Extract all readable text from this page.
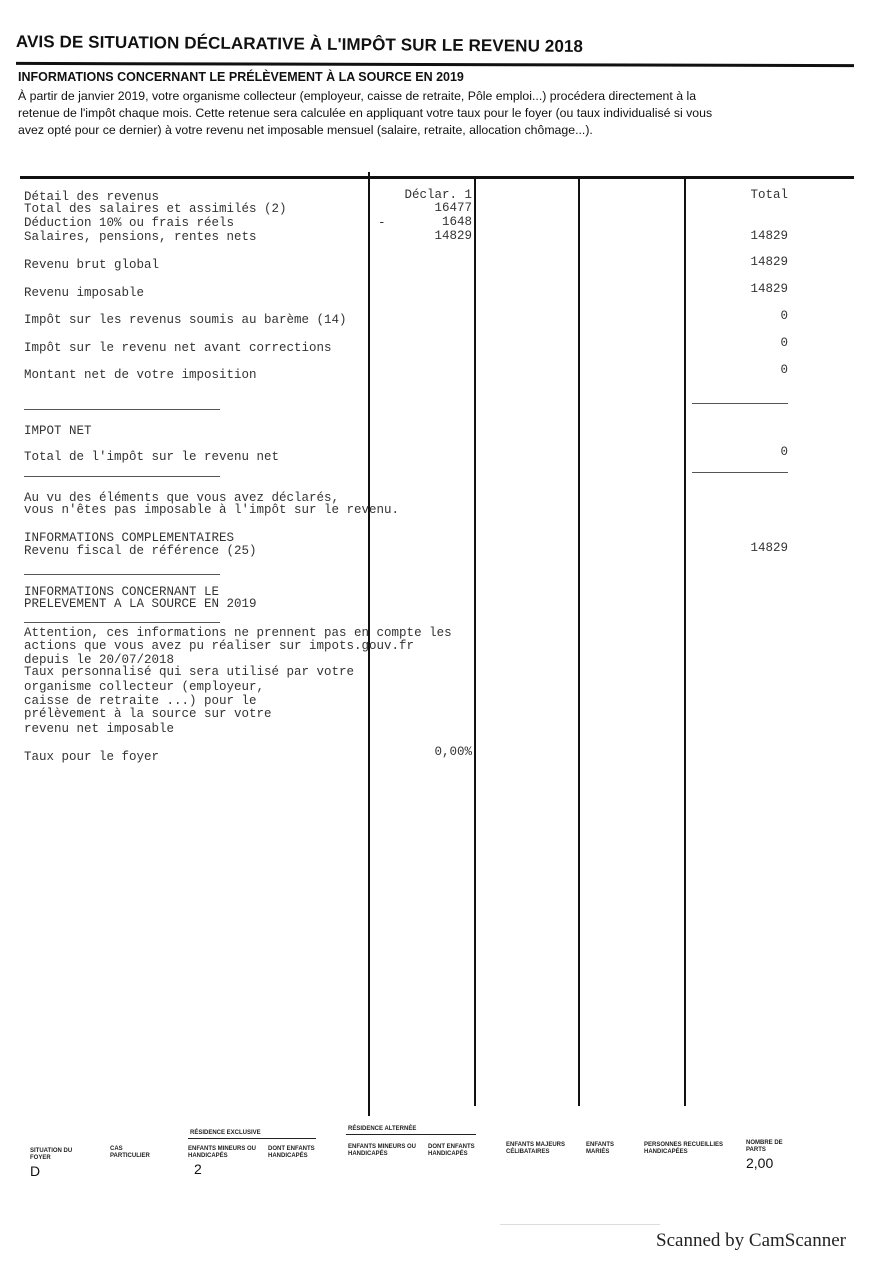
AVIS DE SITUATION DÉCLARATIVE À L'IMPÔT SUR LE REVENU 2018
INFORMATIONS CONCERNANT LE PRÉLÈVEMENT À LA SOURCE EN 2019
À partir de janvier 2019, votre organisme collecteur (employeur, caisse de retraite, Pôle emploi...) procédera directement à la
retenue de l'impôt chaque mois. Cette retenue sera calculée en appliquant votre taux pour le foyer (ou taux individualisé si vous
avez opté pour ce dernier) à votre revenu net imposable mensuel (salaire, retraite, allocation chômage...).
Déclar. 1	Total
Détail des revenus
Total des salaires et assimilés (2)	16477
Déduction 10% ou frais réels	-	1648
Salaires, pensions, rentes nets	14829	14829
Revenu brut global	14829
Revenu imposable	14829
Impôt sur les revenus soumis au barème (14)	0
Impôt sur le revenu net avant corrections	0
Montant net de votre imposition	0
IMPOT NET
Total de l'impôt sur le revenu net	0
Au vu des éléments que vous avez déclarés,
vous n'êtes pas imposable à l'impôt sur le revenu.
INFORMATIONS COMPLEMENTAIRES
Revenu fiscal de référence (25)	14829
INFORMATIONS CONCERNANT LE
PRELEVEMENT A LA SOURCE EN 2019
Attention, ces informations ne prennent pas en compte les
actions que vous avez pu réaliser sur impots.gouv.fr
depuis le 20/07/2018
Taux personnalisé qui sera utilisé par votre
organisme collecteur (employeur,
caisse de retraite ...) pour le
prélèvement à la source sur votre
revenu net imposable
Taux pour le foyer	0,00%
RÉSIDENCE EXCLUSIVE
RÉSIDENCE ALTERNÉE
SITUATION DU FOYER
D
CAS PARTICULIER
ENFANTS MINEURS OU HANDICAPÉS
2
DONT ENFANTS HANDICAPÉS
ENFANTS MINEURS OU HANDICAPÉS
DONT ENFANTS HANDICAPÉS
ENFANTS MAJEURS CÉLIBATAIRES
ENFANTS MARIÉS
PERSONNES RECUEILLIES HANDICAPÉES
NOMBRE DE PARTS
2,00
Scanned by CamScanner
